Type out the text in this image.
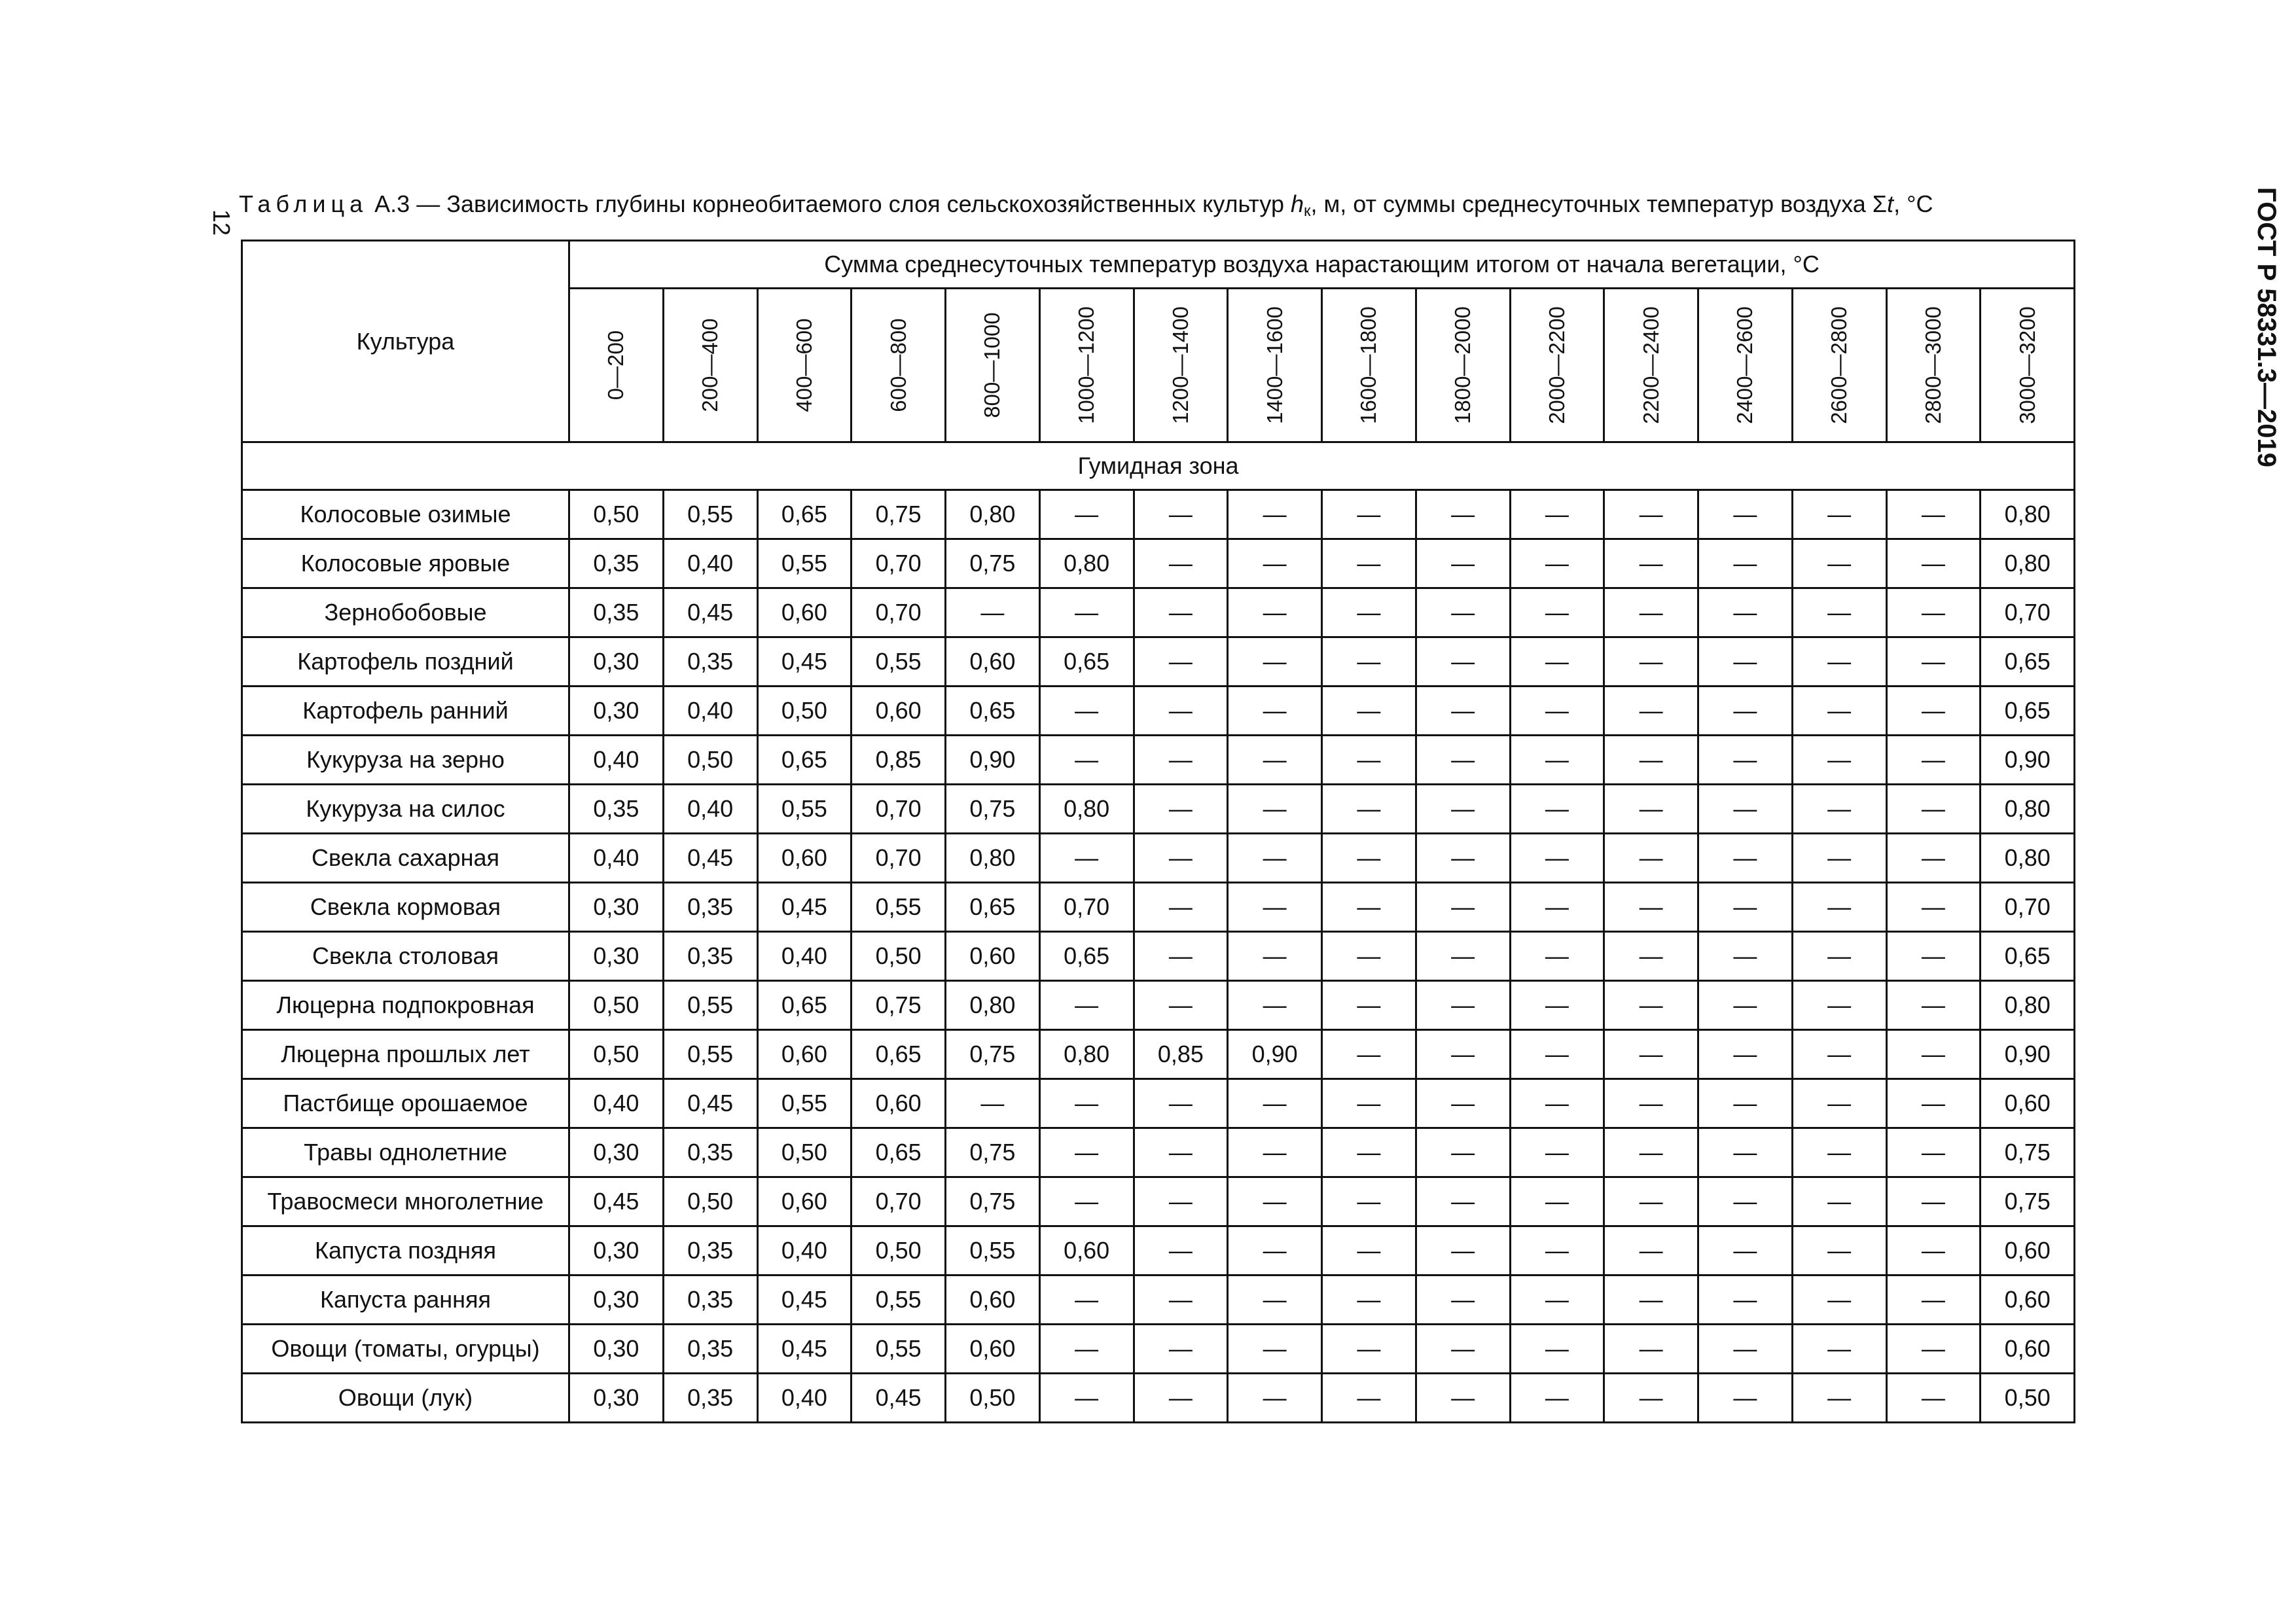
12
Таблица А.3 — Зависимость глубины корнеобитаемого слоя сельскохозяйственных культур $h_к$, м, от суммы среднесуточных температур воздуха Σt, °C	ГОСТ Р 58331.3—2019
Культура	Сумма среднесуточных температур воздуха нарастающим итогом от начала вегетации, °С															

	0—200	200—400	400—600	600—800	800—1000	1000—1200	1200—1400	1400—1600	1600—1800	1800—2000	2000—2200	2200—2400	2400—2600	2600—2800	2800—3000	3000—3200

Гумидная зона																
Колосовые озимые	0,50	0,55	0,65	0,75	0,80	—	—	—	—	—	—	—	—	—	—	0,80
Колосовые яровые	0,35	0,40	0,55	0,70	0,75	0,80	—	—	—	—	—	—	—	—	—	0,80
Зернобобовые	0,35	0,45	0,60	0,70	—	—	—	—	—	—	—	—	—	—	—	0,70
Картофель поздний	0,30	0,35	0,45	0,55	0,60	0,65	—	—	—	—	—	—	—	—	—	0,65
Картофель ранний	0,30	0,40	0,50	0,60	0,65	—	—	—	—	—	—	—	—	—	—	0,65
Кукуруза на зерно	0,40	0,50	0,65	0,85	0,90	—	—	—	—	—	—	—	—	—	—	0,90
Кукуруза на силос	0,35	0,40	0,55	0,70	0,75	0,80	—	—	—	—	—	—	—	—	—	0,80
Свекла сахарная	0,40	0,45	0,60	0,70	0,80	—	—	—	—	—	—	—	—	—	—	0,80
Свекла кормовая	0,30	0,35	0,45	0,55	0,65	0,70	—	—	—	—	—	—	—	—	—	0,70
Свекла столовая	0,30	0,35	0,40	0,50	0,60	0,65	—	—	—	—	—	—	—	—	—	0,65
Люцерна подпокровная	0,50	0,55	0,65	0,75	0,80	—	—	—	—	—	—	—	—	—	—	0,80
Люцерна прошлых лет	0,50	0,55	0,60	0,65	0,75	0,80	0,85	0,90	—	—	—	—	—	—	—	0,90
Пастбище орошаемое	0,40	0,45	0,55	0,60	—	—	—	—	—	—	—	—	—	—	—	0,60
Травы однолетние	0,30	0,35	0,50	0,65	0,75	—	—	—	—	—	—	—	—	—	—	0,75
Травосмеси многолетние	0,45	0,50	0,60	0,70	0,75	—	—	—	—	—	—	—	—	—	—	0,75
Капуста поздняя	0,30	0,35	0,40	0,50	0,55	0,60	—	—	—	—	—	—	—	—	—	0,60
Капуста ранняя	0,30	0,35	0,45	0,55	0,60	—	—	—	—	—	—	—	—	—	—	0,60
Овощи (томаты, огурцы)	0,30	0,35	0,45	0,55	0,60	—	—	—	—	—	—	—	—	—	—	0,60
Овощи (лук)	0,30	0,35	0,40	0,45	0,50	—	—	—	—	—	—	—	—	—	—	0,50
